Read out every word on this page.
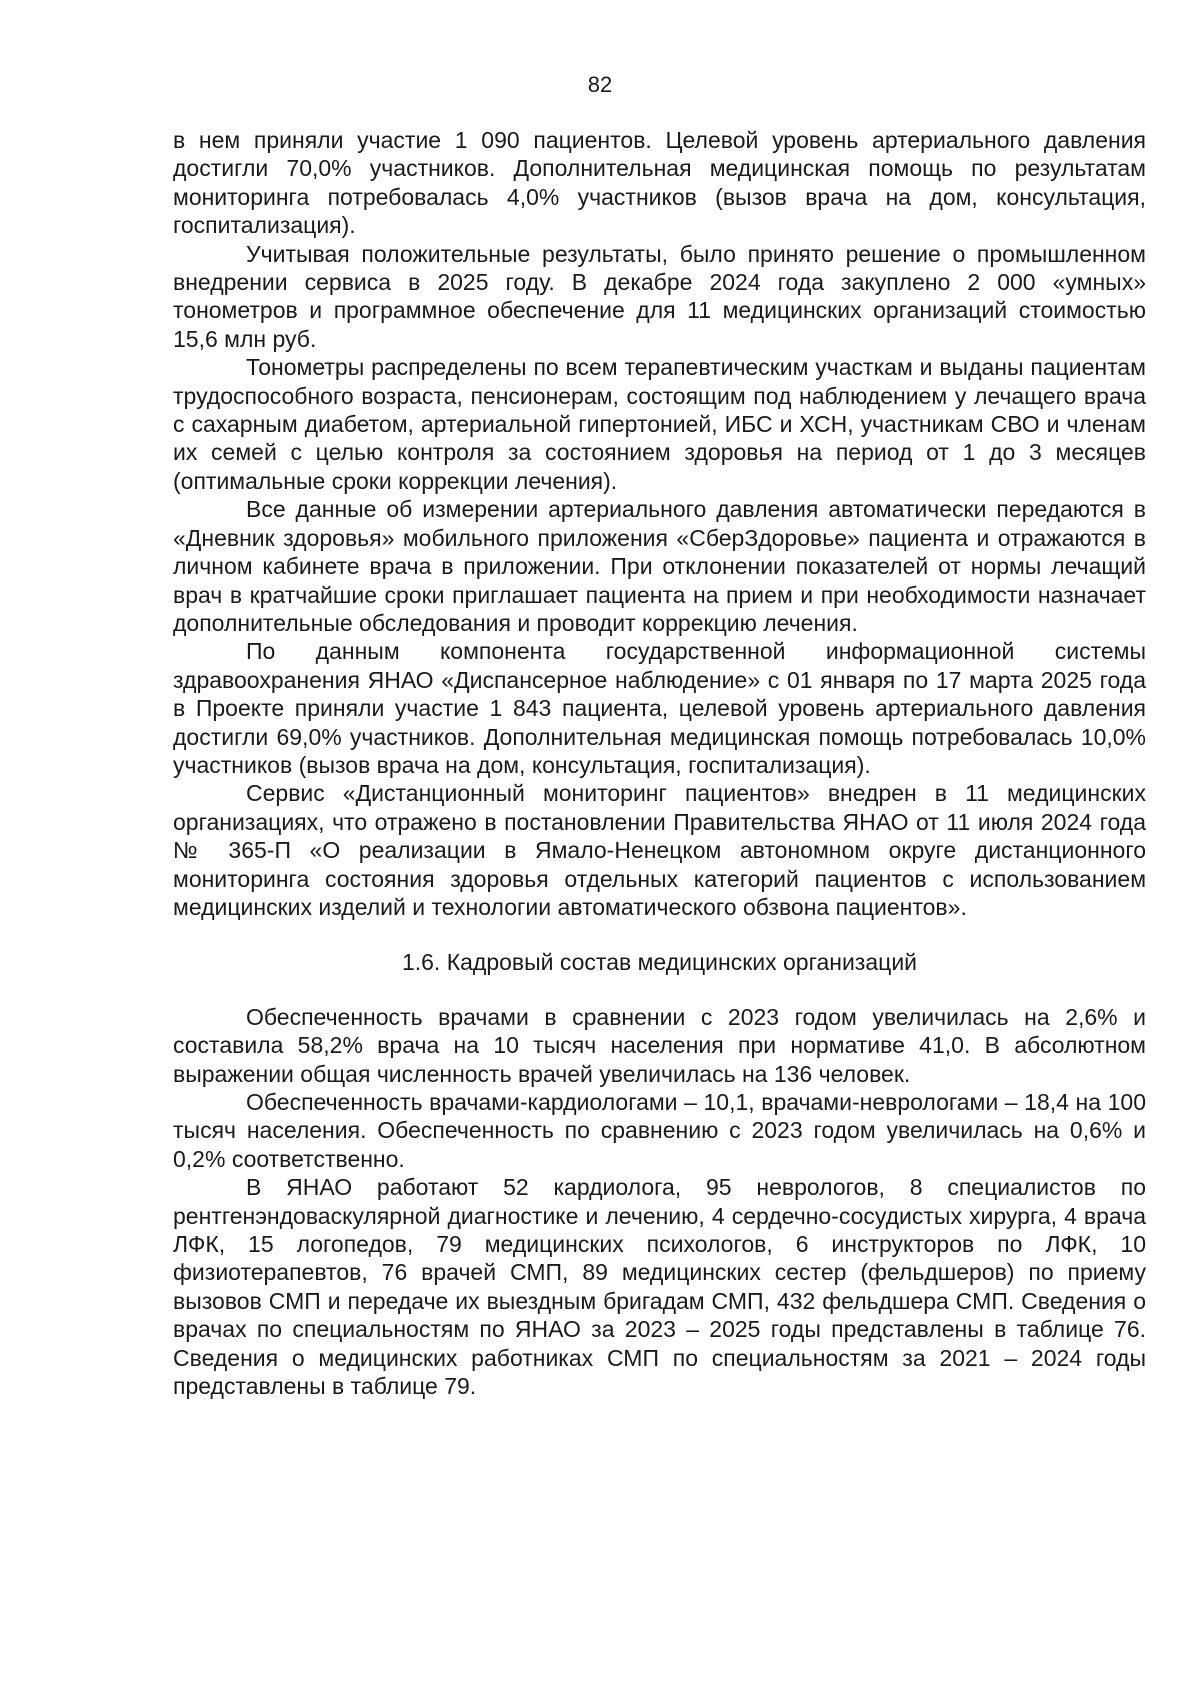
82

в нем приняли участие 1 090 пациентов. Целевой уровень артериального давления достигли 70,0% участников. Дополнительная медицинская помощь по результатам мониторинга потребовалась 4,0% участников (вызов врача на дом, консультация, госпитализация).

Учитывая положительные результаты, было принято решение о промышленном внедрении сервиса в 2025 году. В декабре 2024 года закуплено 2 000 «умных» тонометров и программное обеспечение для 11 медицинских организаций стоимостью 15,6 млн руб.

Тонометры распределены по всем терапевтическим участкам и выданы пациентам трудоспособного возраста, пенсионерам, состоящим под наблюдением у лечащего врача с сахарным диабетом, артериальной гипертонией, ИБС и ХСН, участникам СВО и членам их семей с целью контроля за состоянием здоровья на период от 1 до 3 месяцев (оптимальные сроки коррекции лечения).

Все данные об измерении артериального давления автоматически передаются в «Дневник здоровья» мобильного приложения «СберЗдоровье» пациента и отражаются в личном кабинете врача в приложении. При отклонении показателей от нормы лечащий врач в кратчайшие сроки приглашает пациента на прием и при необходимости назначает дополнительные обследования и проводит коррекцию лечения.

По данным компонента государственной информационной системы здравоохранения ЯНАО «Диспансерное наблюдение» с 01 января по 17 марта 2025 года в Проекте приняли участие 1 843 пациента, целевой уровень артериального давления достигли 69,0% участников. Дополнительная медицинская помощь потребовалась 10,0% участников (вызов врача на дом, консультация, госпитализация).

Сервис «Дистанционный мониторинг пациентов» внедрен в 11 медицинских организациях, что отражено в постановлении Правительства ЯНАО от 11 июля 2024 года № 365-П «О реализации в Ямало-Ненецком автономном округе дистанционного мониторинга состояния здоровья отдельных категорий пациентов с использованием медицинских изделий и технологии автоматического обзвона пациентов».

1.6. Кадровый состав медицинских организаций

Обеспеченность врачами в сравнении с 2023 годом увеличилась на 2,6% и составила 58,2% врача на 10 тысяч населения при нормативе 41,0. В абсолютном выражении общая численность врачей увеличилась на 136 человек.

Обеспеченность врачами-кардиологами – 10,1, врачами-неврологами – 18,4 на 100 тысяч населения. Обеспеченность по сравнению с 2023 годом увеличилась на 0,6% и 0,2% соответственно.

В ЯНАО работают 52 кардиолога, 95 неврологов, 8 специалистов по рентгенэндоваскулярной диагностике и лечению, 4 сердечно-сосудистых хирурга, 4 врача ЛФК, 15 логопедов, 79 медицинских психологов, 6 инструкторов по ЛФК, 10 физиотерапевтов, 76 врачей СМП, 89 медицинских сестер (фельдшеров) по приему вызовов СМП и передаче их выездным бригадам СМП, 432 фельдшера СМП. Сведения о врачах по специальностям по ЯНАО за 2023 – 2025 годы представлены в таблице 76. Сведения о медицинских работниках СМП по специальностям за 2021 – 2024 годы представлены в таблице 79.
